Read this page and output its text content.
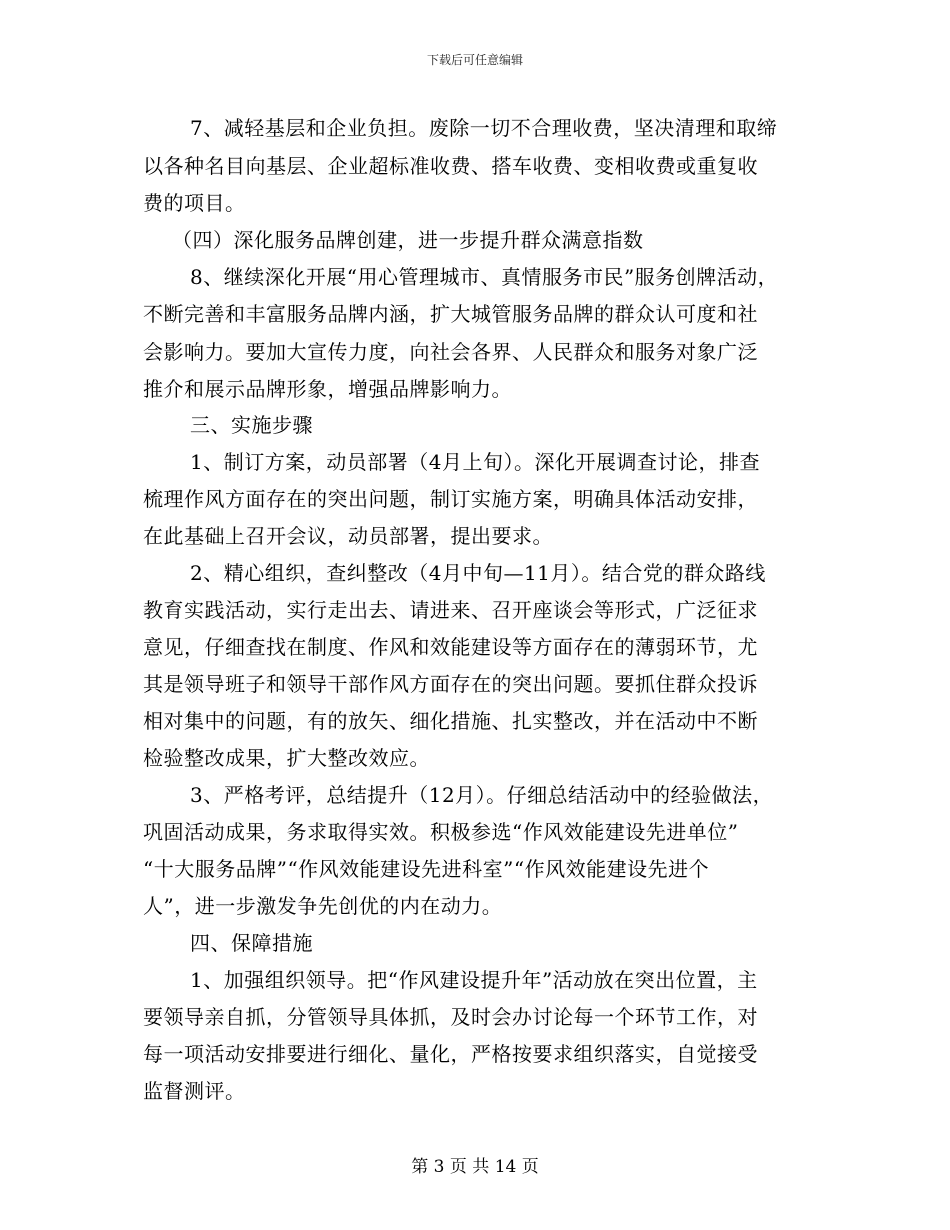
下载后可任意编辑
7、减轻基层和企业负担。废除一切不合理收费，坚决清理和取缔
以各种名目向基层、企业超标准收费、搭车收费、变相收费或重复收
费的项目。
（四）深化服务品牌创建，进一步提升群众满意指数
8、继续深化开展“用心管理城市、真情服务市民”服务创牌活动，
不断完善和丰富服务品牌内涵，扩大城管服务品牌的群众认可度和社
会影响力。要加大宣传力度，向社会各界、人民群众和服务对象广泛
推介和展示品牌形象，增强品牌影响力。
三、实施步骤
1、制订方案，动员部署（4月上旬）。深化开展调查讨论，排查
梳理作风方面存在的突出问题，制订实施方案，明确具体活动安排，
在此基础上召开会议，动员部署，提出要求。
2、精心组织，查纠整改（4月中旬—11月）。结合党的群众路线
教育实践活动，实行走出去、请进来、召开座谈会等形式，广泛征求
意见，仔细查找在制度、作风和效能建设等方面存在的薄弱环节，尤
其是领导班子和领导干部作风方面存在的突出问题。要抓住群众投诉
相对集中的问题，有的放矢、细化措施、扎实整改，并在活动中不断
检验整改成果，扩大整改效应。
3、严格考评，总结提升（12月）。仔细总结活动中的经验做法，
巩固活动成果，务求取得实效。积极参选“作风效能建设先进单位”
“十大服务品牌”“作风效能建设先进科室”“作风效能建设先进个
人”，进一步激发争先创优的内在动力。
四、保障措施
1、加强组织领导。把“作风建设提升年”活动放在突出位置，主
要领导亲自抓，分管领导具体抓，及时会办讨论每一个环节工作，对
每一项活动安排要进行细化、量化，严格按要求组织落实，自觉接受
监督测评。
第 3 页 共 14 页
